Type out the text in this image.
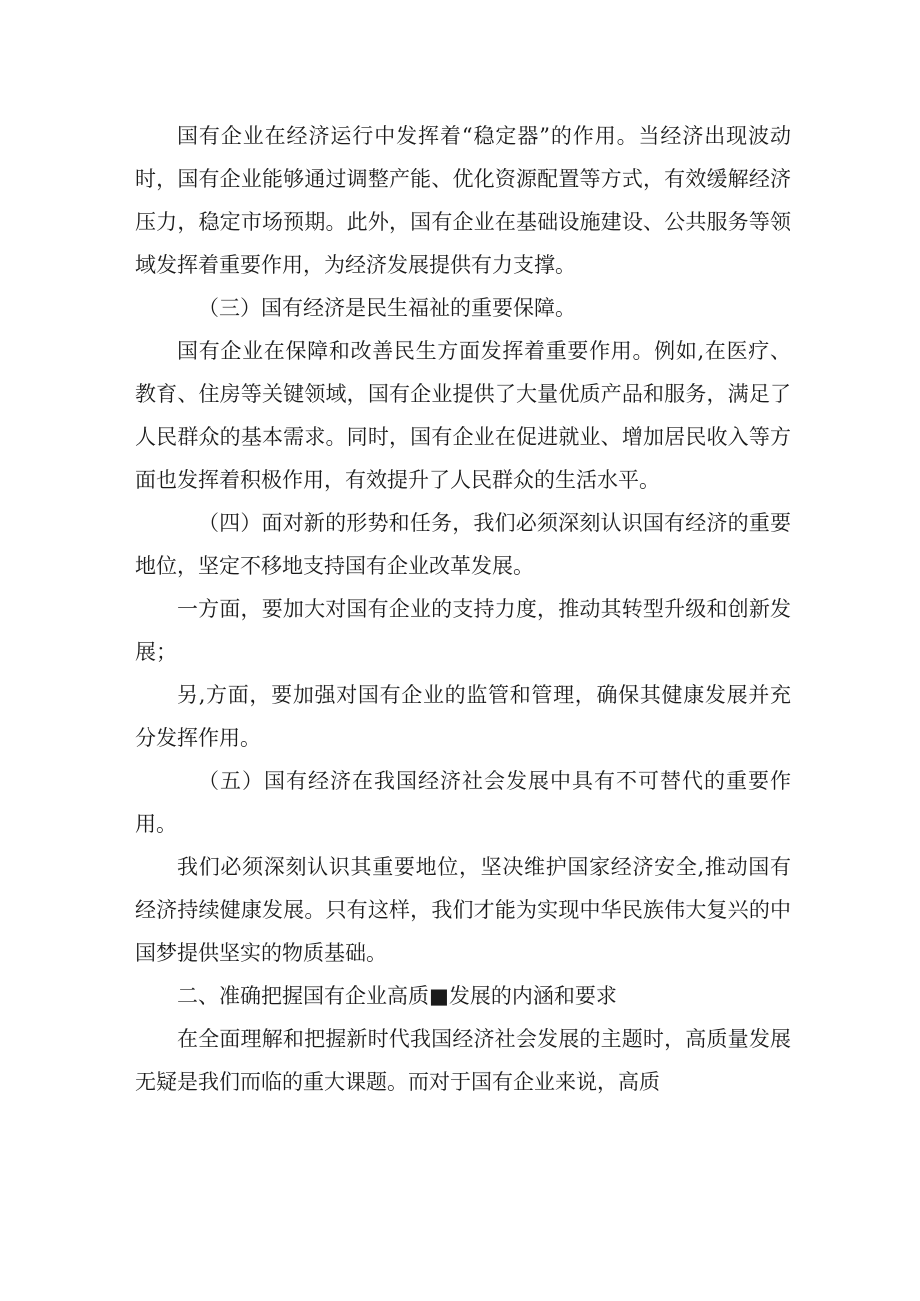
国有企业在经济运行中发挥着“稳定器”的作用。当经济出现波动时，国有企业能够通过调整产能、优化资源配置等方式，有效缓解经济压力，稳定市场预期。此外，国有企业在基础设施建设、公共服务等领域发挥着重要作用，为经济发展提供有力支撑。

（三）国有经济是民生福祉的重要保障。

国有企业在保障和改善民生方面发挥着重要作用。例如,在医疗、教育、住房等关键领域，国有企业提供了大量优质产品和服务，满足了人民群众的基本需求。同时，国有企业在促进就业、增加居民收入等方面也发挥着积极作用，有效提升了人民群众的生活水平。

（四）面对新的形势和任务，我们必须深刻认识国有经济的重要地位，坚定不移地支持国有企业改革发展。

一方面，要加大对国有企业的支持力度，推动其转型升级和创新发展；

另,方面，要加强对国有企业的监管和管理，确保其健康发展并充分发挥作用。

（五）国有经济在我国经济社会发展中具有不可替代的重要作用。

我们必须深刻认识其重要地位，坚决维护国家经济安全,推动国有经济持续健康发展。只有这样，我们才能为实现中华民族伟大复兴的中国梦提供坚实的物质基础。

二、准确把握国有企业高质■发展的内涵和要求

在全面理解和把握新时代我国经济社会发展的主题时，高质量发展无疑是我们而临的重大课题。而对于国有企业来说，高质
